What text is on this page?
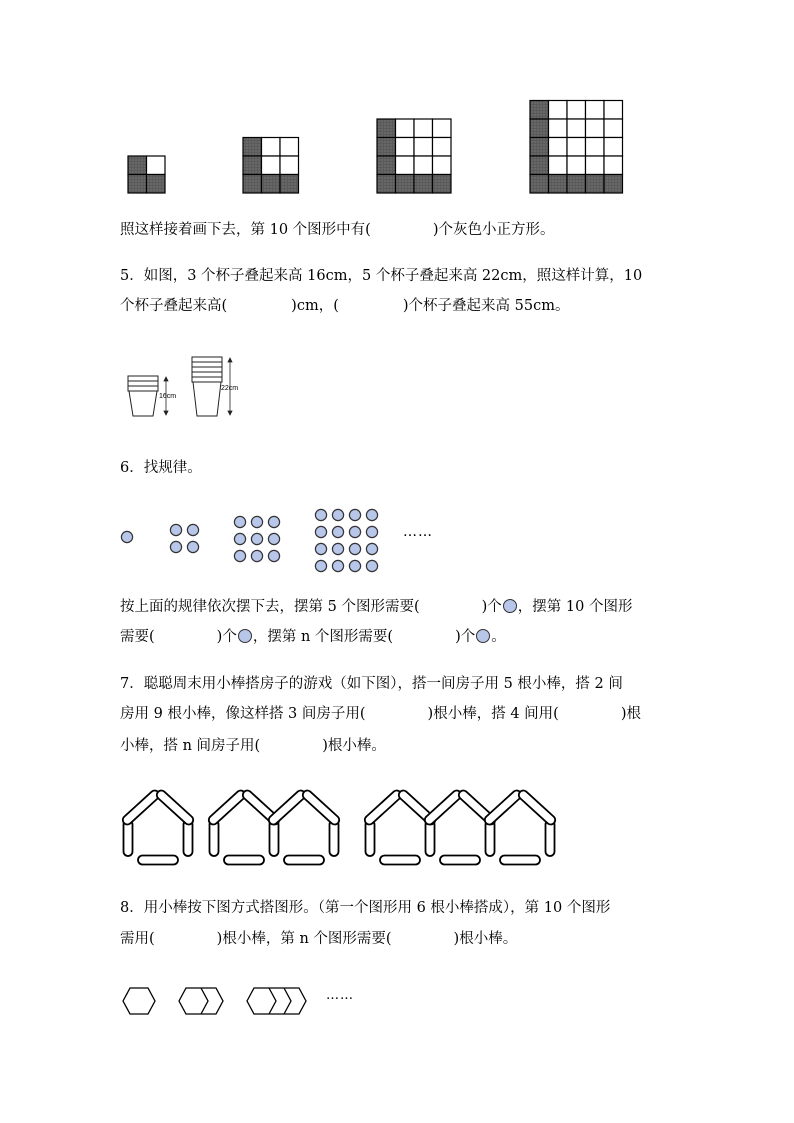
照这样接着画下去，第 10 个图形中有(	)个灰色小正方形。
5．如图，3 个杯子叠起来高 16cm，5 个杯子叠起来高 22cm，照这样计算，10
个杯子叠起来高(	)cm，(	)个杯子叠起来高 55cm。
16cm
22cm
6．找规律。
……
按上面的规律依次摆下去，摆第 5 个图形需要(	)个 ，摆第 10 个图形
需要(	)个 ，摆第 n 个图形需要(	)个 。
7．聪聪周末用小棒搭房子的游戏（如下图），搭一间房子用 5 根小棒，搭 2 间
房用 9 根小棒，像这样搭 3 间房子用(	)根小棒，搭 4 间用(	)根
小棒，搭 n 间房子用(	)根小棒。
8．用小棒按下图方式搭图形。（第一个图形用 6 根小棒搭成），第 10 个图形
需用(	)根小棒，第 n 个图形需要(	)根小棒。
……
